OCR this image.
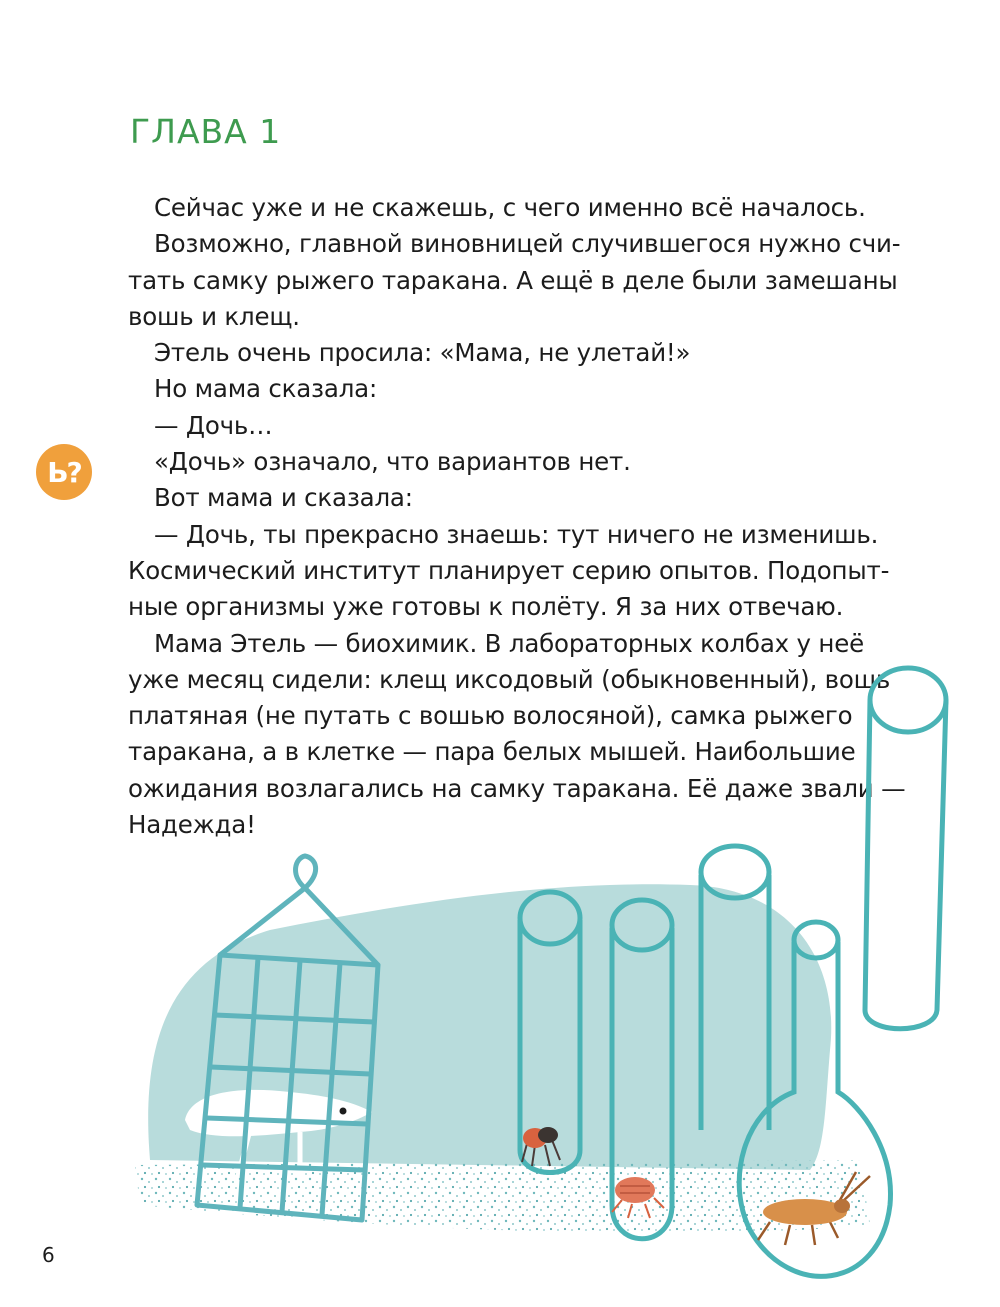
ГЛАВА 1
Ь?
Сейчас уже и не скажешь, с чего именно всё началось.
Возможно, главной виновницей случившегося нужно счи-
тать самку рыжего таракана. А ещё в деле были замешаны
вошь и клещ.
Этель очень просила: «Мама, не улетай!»
Но мама сказала:
— Дочь…
«Дочь» означало, что вариантов нет.
Вот мама и сказала:
— Дочь, ты прекрасно знаешь: тут ничего не изменишь.
Космический институт планирует серию опытов. Подопыт-
ные организмы уже готовы к полёту. Я за них отвечаю.
Мама Этель — биохимик. В лабораторных колбах у неё
уже месяц сидели: клещ иксодовый (обыкновенный), вошь
платяная (не путать с вошью волосяной), самка рыжего
таракана, а в клетке — пара белых мышей. Наибольшие
ожидания возлагались на самку таракана. Её даже звали —
Надежда!
6
